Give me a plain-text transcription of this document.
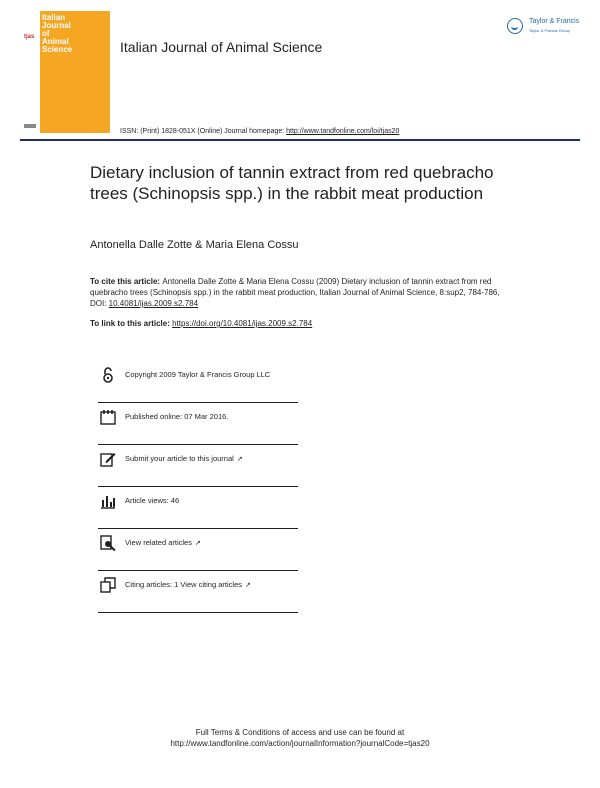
tjas
Italian
Journal
of
Animal
Science	Italian Journal of Animal Science
Taylor & Francis
Taylor & Francis Group
ISSN: (Print) 1828-051X (Online) Journal homepage: http://www.tandfonline.com/loi/tjas20
Dietary inclusion of tannin extract from red quebracho trees (Schinopsis spp.) in the rabbit meat production
Antonella Dalle Zotte & Maria Elena Cossu
To cite this article: Antonella Dalle Zotte & Maria Elena Cossu (2009) Dietary inclusion of tannin extract from red quebracho trees (Schinopsis spp.) in the rabbit meat production, Italian Journal of Animal Science, 8:sup2, 784-786, DOI: 10.4081/ijas.2009.s2.784
To link to this article: https://doi.org/10.4081/ijas.2009.s2.784
Copyright 2009 Taylor & Francis Group LLC
Published online: 07 Mar 2016.
Submit your article to this journal ↗
Article views: 46
View related articles ↗
Citing articles: 1 View citing articles ↗
Full Terms & Conditions of access and use can be found at
http://www.tandfonline.com/action/journalInformation?journalCode=tjas20
